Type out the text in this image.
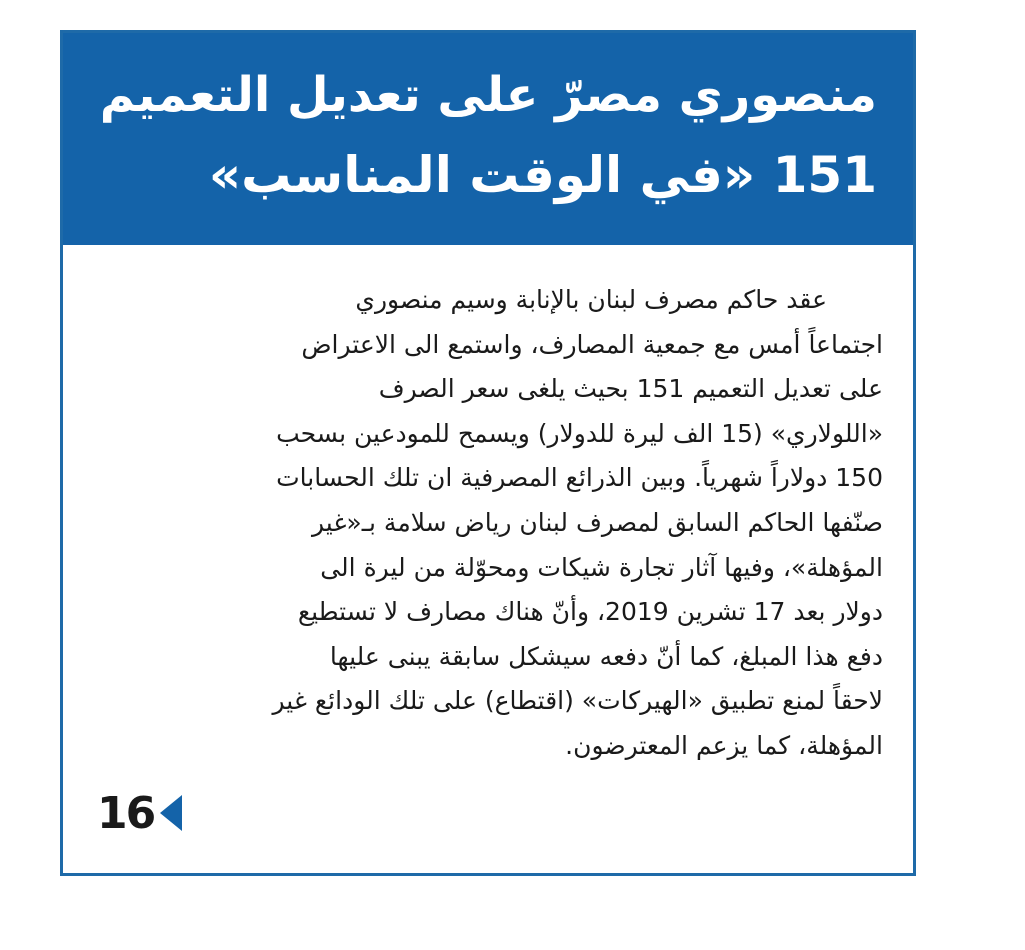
منصوري مصرّ على تعديل التعميم
151 «في الوقت المناسب»
عقد حاكم مصرف لبنان بالإنابة وسيم منصوري
اجتماعاً أمس مع جمعية المصارف، واستمع الى الاعتراض
على تعديل التعميم 151 بحيث يلغى سعر الصرف
«اللولاري» (15 الف ليرة للدولار) ويسمح للمودعين بسحب
150 دولاراً شهرياً. وبين الذرائع المصرفية ان تلك الحسابات
صنّفها الحاكم السابق لمصرف لبنان رياض سلامة بـ«غير
المؤهلة»، وفيها آثار تجارة شيكات ومحوّلة من ليرة الى
دولار بعد 17 تشرين 2019، وأنّ هناك مصارف لا تستطيع
دفع هذا المبلغ، كما أنّ دفعه سيشكل سابقة يبنى عليها
لاحقاً لمنع تطبيق «الهيركات» (اقتطاع) على تلك الودائع غير
المؤهلة، كما يزعم المعترضون.
16
